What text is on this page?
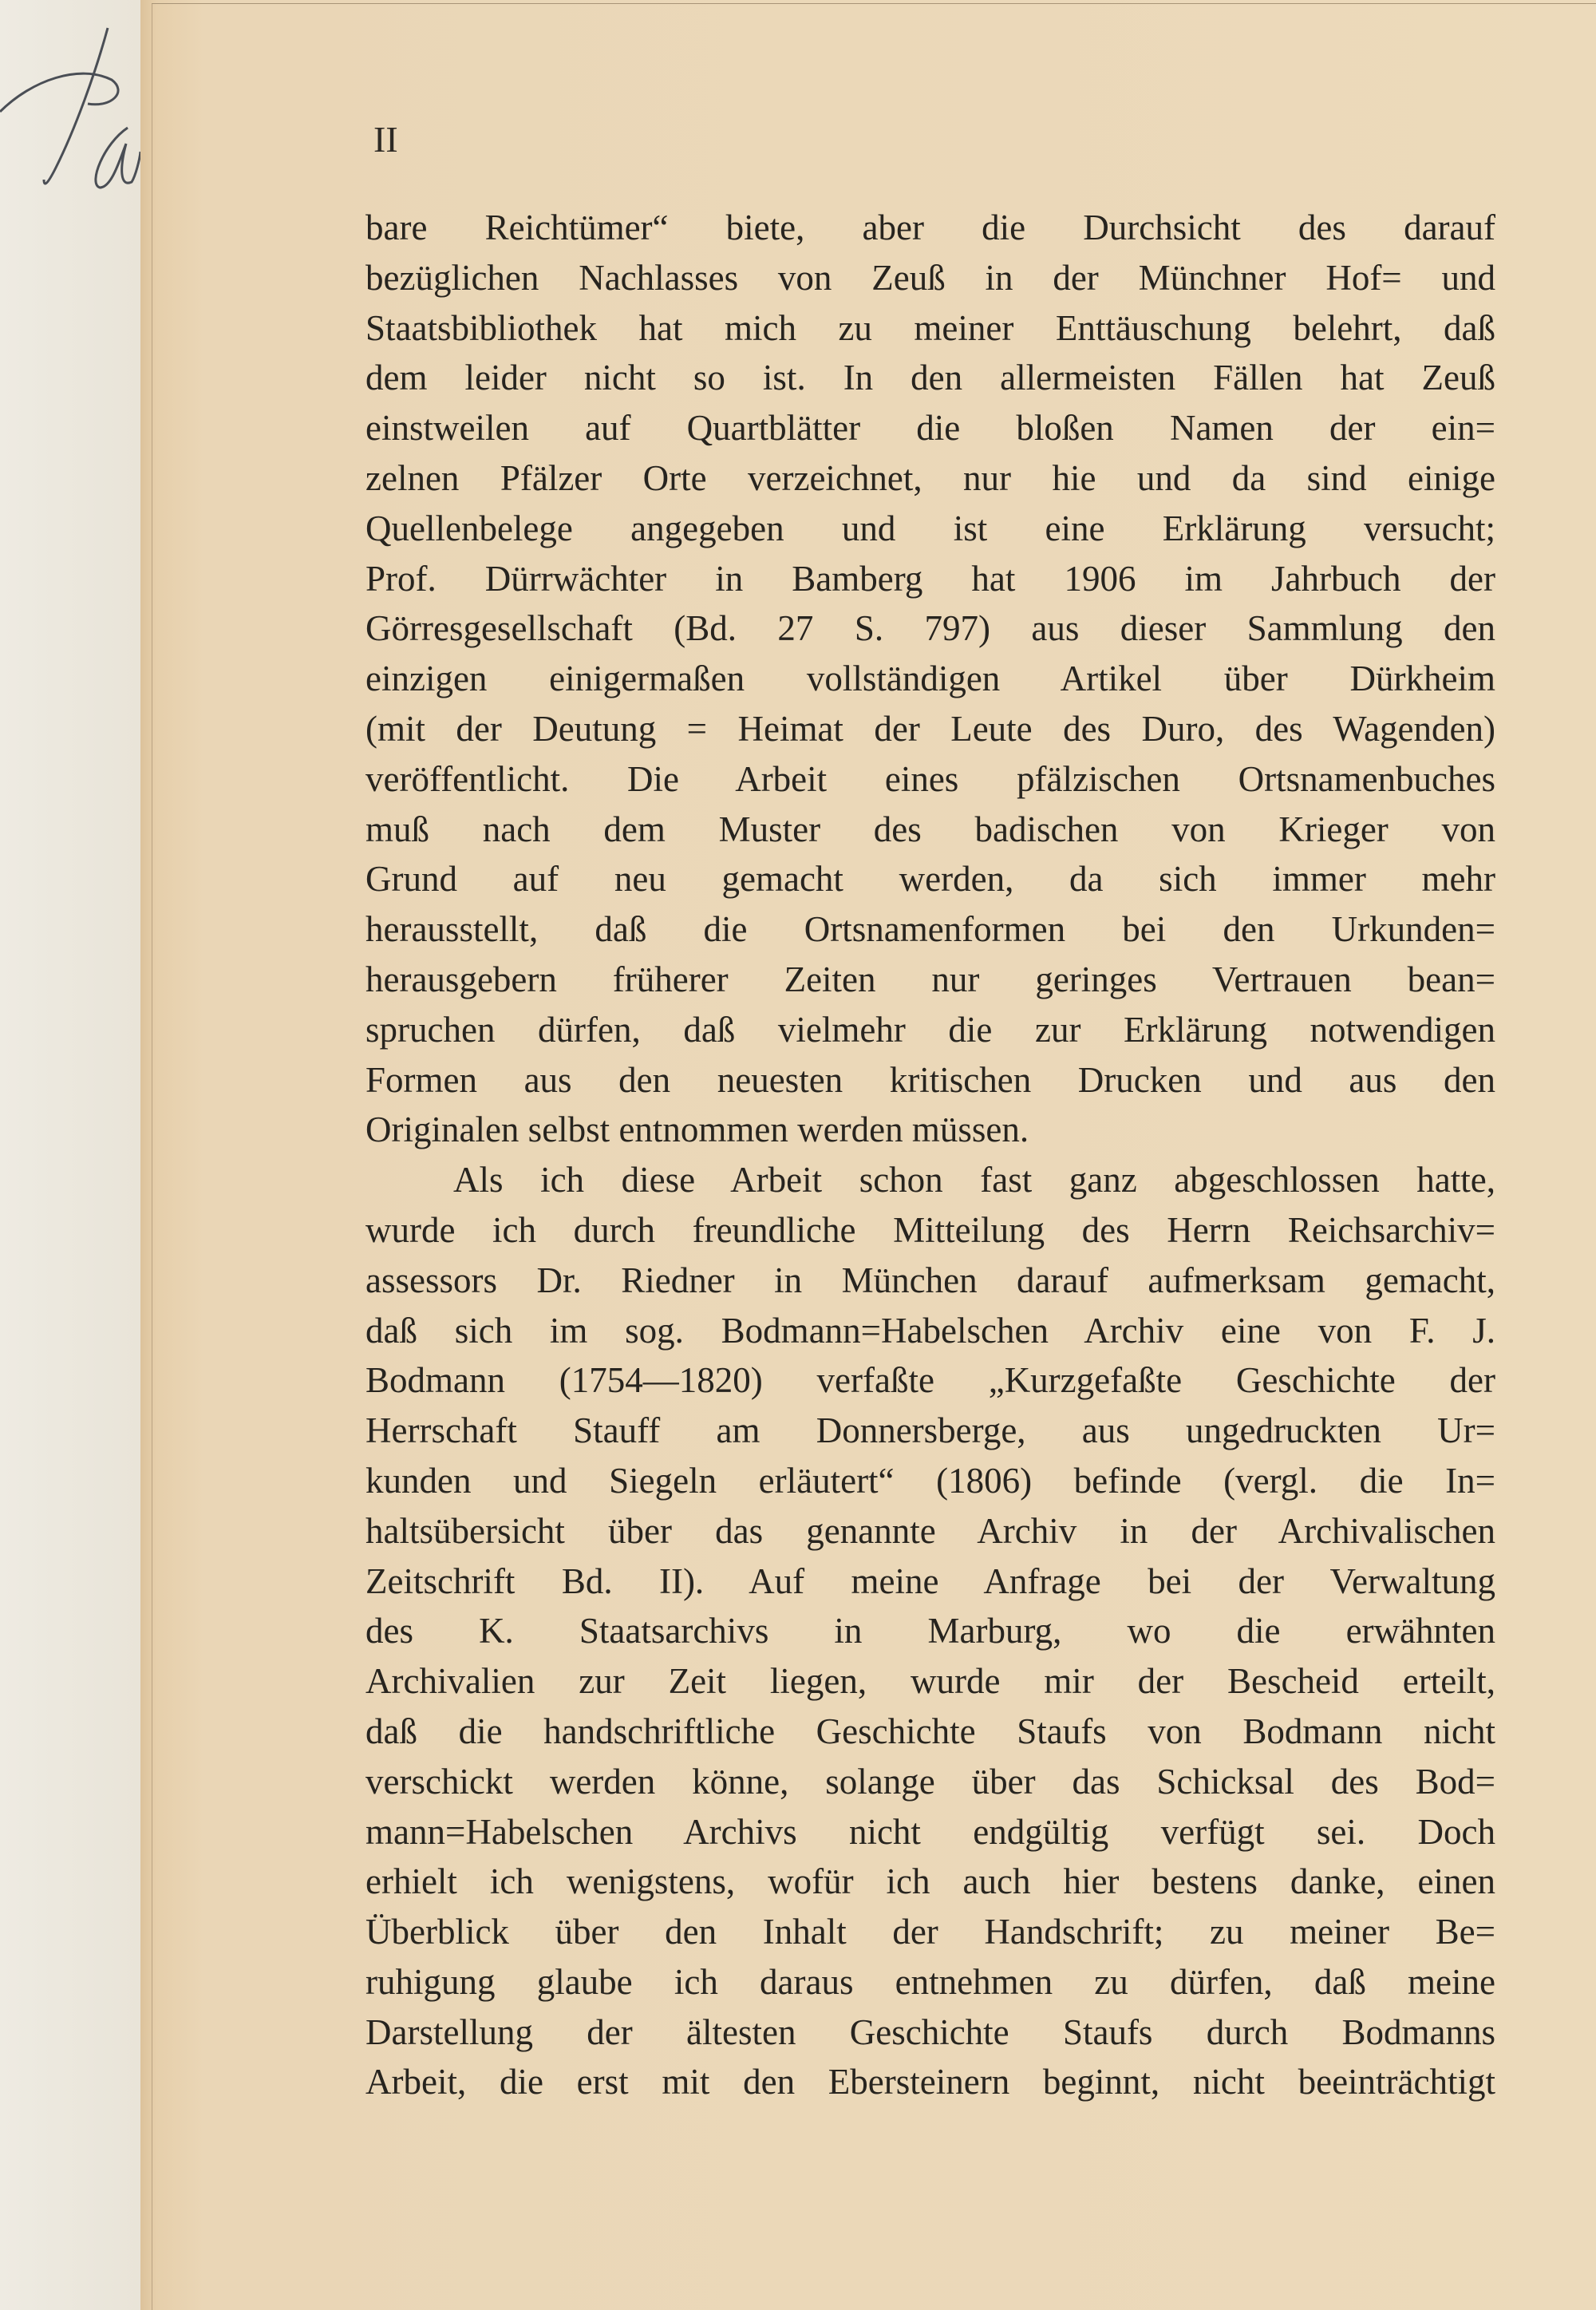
II
bare Reichtümer“ biete, aber die Durchsicht des darauf
bezüglichen Nachlasses von Zeuß in der Münchner Hof= und
Staatsbibliothek hat mich zu meiner Enttäuschung belehrt, daß
dem leider nicht so ist. In den allermeisten Fällen hat Zeuß
einstweilen auf Quartblätter die bloßen Namen der ein=
zelnen Pfälzer Orte verzeichnet, nur hie und da sind einige
Quellenbelege angegeben und ist eine Erklärung versucht;
Prof. Dürrwächter in Bamberg hat 1906 im Jahrbuch der
Görresgesellschaft (Bd. 27 S. 797) aus dieser Sammlung den
einzigen einigermaßen vollständigen Artikel über Dürkheim
(mit der Deutung = Heimat der Leute des Duro, des Wagenden)
veröffentlicht. Die Arbeit eines pfälzischen Ortsnamenbuches
muß nach dem Muster des badischen von Krieger von
Grund auf neu gemacht werden, da sich immer mehr
herausstellt, daß die Ortsnamenformen bei den Urkunden=
herausgebern früherer Zeiten nur geringes Vertrauen bean=
spruchen dürfen, daß vielmehr die zur Erklärung notwendigen
Formen aus den neuesten kritischen Drucken und aus den
Originalen selbst entnommen werden müssen.
Als ich diese Arbeit schon fast ganz abgeschlossen hatte,
wurde ich durch freundliche Mitteilung des Herrn Reichsarchiv=
assessors Dr. Riedner in München darauf aufmerksam gemacht,
daß sich im sog. Bodmann=Habelschen Archiv eine von F. J.
Bodmann (1754—1820) verfaßte „Kurzgefaßte Geschichte der
Herrschaft Stauff am Donnersberge, aus ungedruckten Ur=
kunden und Siegeln erläutert“ (1806) befinde (vergl. die In=
haltsübersicht über das genannte Archiv in der Archivalischen
Zeitschrift Bd. II). Auf meine Anfrage bei der Verwaltung
des K. Staatsarchivs in Marburg, wo die erwähnten
Archivalien zur Zeit liegen, wurde mir der Bescheid erteilt,
daß die handschriftliche Geschichte Staufs von Bodmann nicht
verschickt werden könne, solange über das Schicksal des Bod=
mann=Habelschen Archivs nicht endgültig verfügt sei. Doch
erhielt ich wenigstens, wofür ich auch hier bestens danke, einen
Überblick über den Inhalt der Handschrift; zu meiner Be=
ruhigung glaube ich daraus entnehmen zu dürfen, daß meine
Darstellung der ältesten Geschichte Staufs durch Bodmanns
Arbeit, die erst mit den Ebersteinern beginnt, nicht beeinträchtigt
